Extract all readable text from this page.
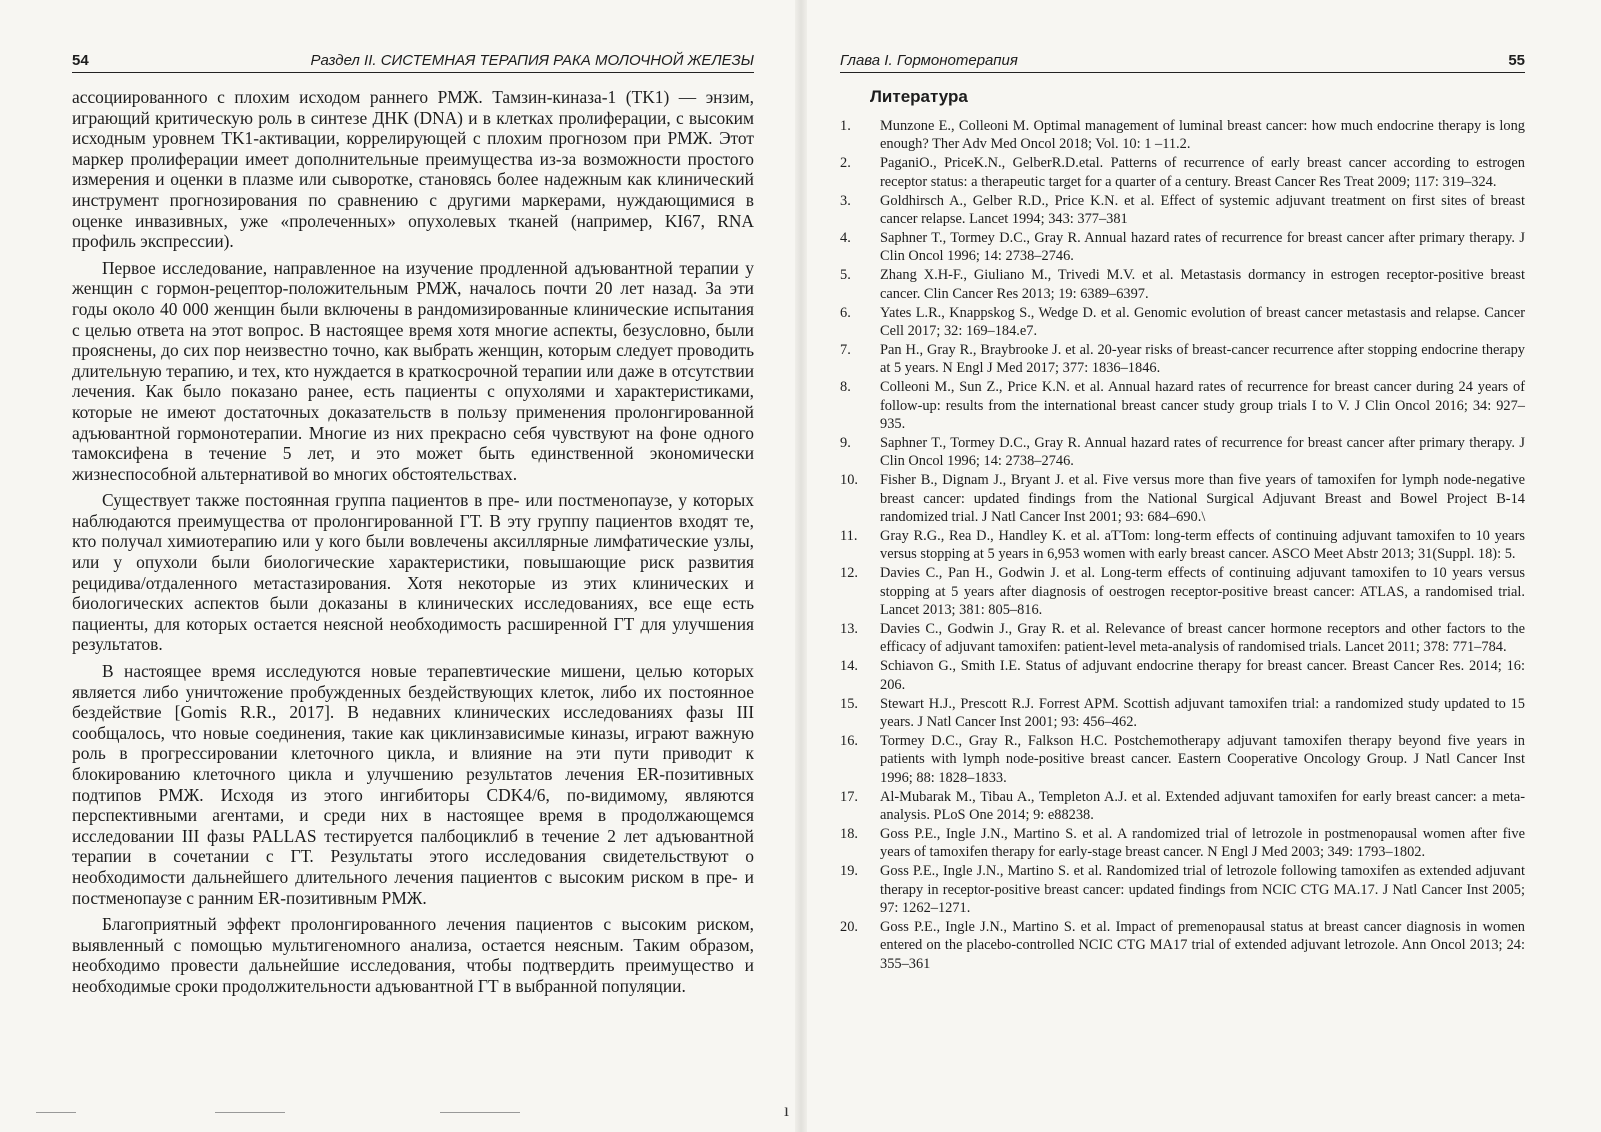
54	Раздел II. СИСТЕМНАЯ ТЕРАПИЯ РАКА МОЛОЧНОЙ ЖЕЛЕЗЫ

ассоциированного с плохим исходом раннего РМЖ. Тамзин-киназа-1 (TK1) — энзим, играющий критическую роль в синтезе ДНК (DNA) и в клетках пролиферации, с высоким исходным уровнем TK1-активации, коррелирующей с плохим прогнозом при РМЖ. Этот маркер пролиферации имеет дополнительные преимущества из-за возможности простого измерения и оценки в плазме или сыворотке, становясь более надежным как клинический инструмент прогнозирования по сравнению с другими маркерами, нуждающимися в оценке инвазивных, уже «пролеченных» опухолевых тканей (например, KI67, RNA профиль экспрессии).

Первое исследование, направленное на изучение продленной адъювантной терапии у женщин с гормон-рецептор-положительным РМЖ, началось почти 20 лет назад. За эти годы около 40 000 женщин были включены в рандомизированные клинические испытания с целью ответа на этот вопрос. В настоящее время хотя многие аспекты, безусловно, были прояснены, до сих пор неизвестно точно, как выбрать женщин, которым следует проводить длительную терапию, и тех, кто нуждается в краткосрочной терапии или даже в отсутствии лечения. Как было показано ранее, есть пациенты с опухолями и характеристиками, которые не имеют достаточных доказательств в пользу применения пролонгированной адъювантной гормонотерапии. Многие из них прекрасно себя чувствуют на фоне одного тамоксифена в течение 5 лет, и это может быть единственной экономически жизнеспособной альтернативой во многих обстоятельствах.

Существует также постоянная группа пациентов в пре- или постменопаузе, у которых наблюдаются преимущества от пролонгированной ГТ. В эту группу пациентов входят те, кто получал химиотерапию или у кого были вовлечены аксиллярные лимфатические узлы, или у опухоли были биологические характеристики, повышающие риск развития рецидива/отдаленного метастазирования. Хотя некоторые из этих клинических и биологических аспектов были доказаны в клинических исследованиях, все еще есть пациенты, для которых остается неясной необходимость расширенной ГТ для улучшения результатов.

В настоящее время исследуются новые терапевтические мишени, целью которых является либо уничтожение пробужденных бездействующих клеток, либо их постоянное бездействие [Gomis R.R., 2017]. В недавних клинических исследованиях фазы III сообщалось, что новые соединения, такие как циклинзависимые киназы, играют важную роль в прогрессировании клеточного цикла, и влияние на эти пути приводит к блокированию клеточного цикла и улучшению результатов лечения ER-позитивных подтипов РМЖ. Исходя из этого ингибиторы CDK4/6, по-видимому, являются перспективными агентами, и среди них в настоящее время в продолжающемся исследовании III фазы PALLAS тестируется палбоциклиб в течение 2 лет адъювантной терапии в сочетании с ГТ. Результаты этого исследования свидетельствуют о необходимости дальнейшего длительного лечения пациентов с высоким риском в пре- и постменопаузе с ранним ER-позитивным РМЖ.

Благоприятный эффект пролонгированного лечения пациентов с высоким риском, выявленный с помощью мультигеномного анализа, остается неясным. Таким образом, необходимо провести дальнейшие исследования, чтобы подтвердить преимущество и необходимые сроки продолжительности адъювантной ГТ в выбранной популяции.

Глава I. Гормонотерапия	55
Литература
1.	Munzone E., Colleoni M. Optimal management of luminal breast cancer: how much endocrine therapy is long enough? Ther Adv Med Oncol 2018; Vol. 10: 1 –11.2.
2.	PaganiO., PriceK.N., GelberR.D.etal. Patterns of recurrence of early breast cancer according to estrogen receptor status: a therapeutic target for a quarter of a century. Breast Cancer Res Treat 2009; 117: 319–324.
3.	Goldhirsch A., Gelber R.D., Price K.N. et al. Effect of systemic adjuvant treatment on first sites of breast cancer relapse. Lancet 1994; 343: 377–381
4.	Saphner T., Tormey D.C., Gray R. Annual hazard rates of recurrence for breast cancer after primary therapy. J Clin Oncol 1996; 14: 2738–2746.
5.	Zhang X.H-F., Giuliano M., Trivedi M.V. et al. Metastasis dormancy in estrogen receptor-positive breast cancer. Clin Cancer Res 2013; 19: 6389–6397.
6.	Yates L.R., Knappskog S., Wedge D. et al. Genomic evolution of breast cancer metastasis and relapse. Cancer Cell 2017; 32: 169–184.e7.
7.	Pan H., Gray R., Braybrooke J. et al. 20-year risks of breast-cancer recurrence after stopping endocrine therapy at 5 years. N Engl J Med 2017; 377: 1836–1846.
8.	Colleoni M., Sun Z., Price K.N. et al. Annual hazard rates of recurrence for breast cancer during 24 years of follow-up: results from the international breast cancer study group trials I to V. J Clin Oncol 2016; 34: 927–935.
9.	Saphner T., Tormey D.C., Gray R. Annual hazard rates of recurrence for breast cancer after primary therapy. J Clin Oncol 1996; 14: 2738–2746.
10.	Fisher B., Dignam J., Bryant J. et al. Five versus more than five years of tamoxifen for lymph node-negative breast cancer: updated findings from the National Surgical Adjuvant Breast and Bowel Project B-14 randomized trial. J Natl Cancer Inst 2001; 93: 684–690.\
11.	Gray R.G., Rea D., Handley K. et al. aTTom: long-term effects of continuing adjuvant tamoxifen to 10 years versus stopping at 5 years in 6,953 women with early breast cancer. ASCO Meet Abstr 2013; 31(Suppl. 18): 5.
12.	Davies C., Pan H., Godwin J. et al. Long-term effects of continuing adjuvant tamoxifen to 10 years versus stopping at 5 years after diagnosis of oestrogen receptor-positive breast cancer: ATLAS, a randomised trial. Lancet 2013; 381: 805–816.
13.	Davies C., Godwin J., Gray R. et al. Relevance of breast cancer hormone receptors and other factors to the efficacy of adjuvant tamoxifen: patient-level meta-analysis of randomised trials. Lancet 2011; 378: 771–784.
14.	Schiavon G., Smith I.E. Status of adjuvant endocrine therapy for breast cancer. Breast Cancer Res. 2014; 16: 206.
15.	Stewart H.J., Prescott R.J. Forrest APM. Scottish adjuvant tamoxifen trial: a randomized study updated to 15 years. J Natl Cancer Inst 2001; 93: 456–462.
16.	Tormey D.C., Gray R., Falkson H.C. Postchemotherapy adjuvant tamoxifen therapy beyond five years in patients with lymph node-positive breast cancer. Eastern Cooperative Oncology Group. J Natl Cancer Inst 1996; 88: 1828–1833.
17.	Al-Mubarak M., Tibau A., Templeton A.J. et al. Extended adjuvant tamoxifen for early breast cancer: a meta-analysis. PLoS One 2014; 9: e88238.
18.	Goss P.E., Ingle J.N., Martino S. et al. A randomized trial of letrozole in postmenopausal women after five years of tamoxifen therapy for early-stage breast cancer. N Engl J Med 2003; 349: 1793–1802.
19.	Goss P.E., Ingle J.N., Martino S. et al. Randomized trial of letrozole following tamoxifen as extended adjuvant therapy in receptor-positive breast cancer: updated findings from NCIC CTG MA.17. J Natl Cancer Inst 2005; 97: 1262–1271.
20.	Goss P.E., Ingle J.N., Martino S. et al. Impact of premenopausal status at breast cancer diagnosis in women entered on the placebo-controlled NCIC CTG MA17 trial of extended adjuvant letrozole. Ann Oncol 2013; 24: 355–361
ı
